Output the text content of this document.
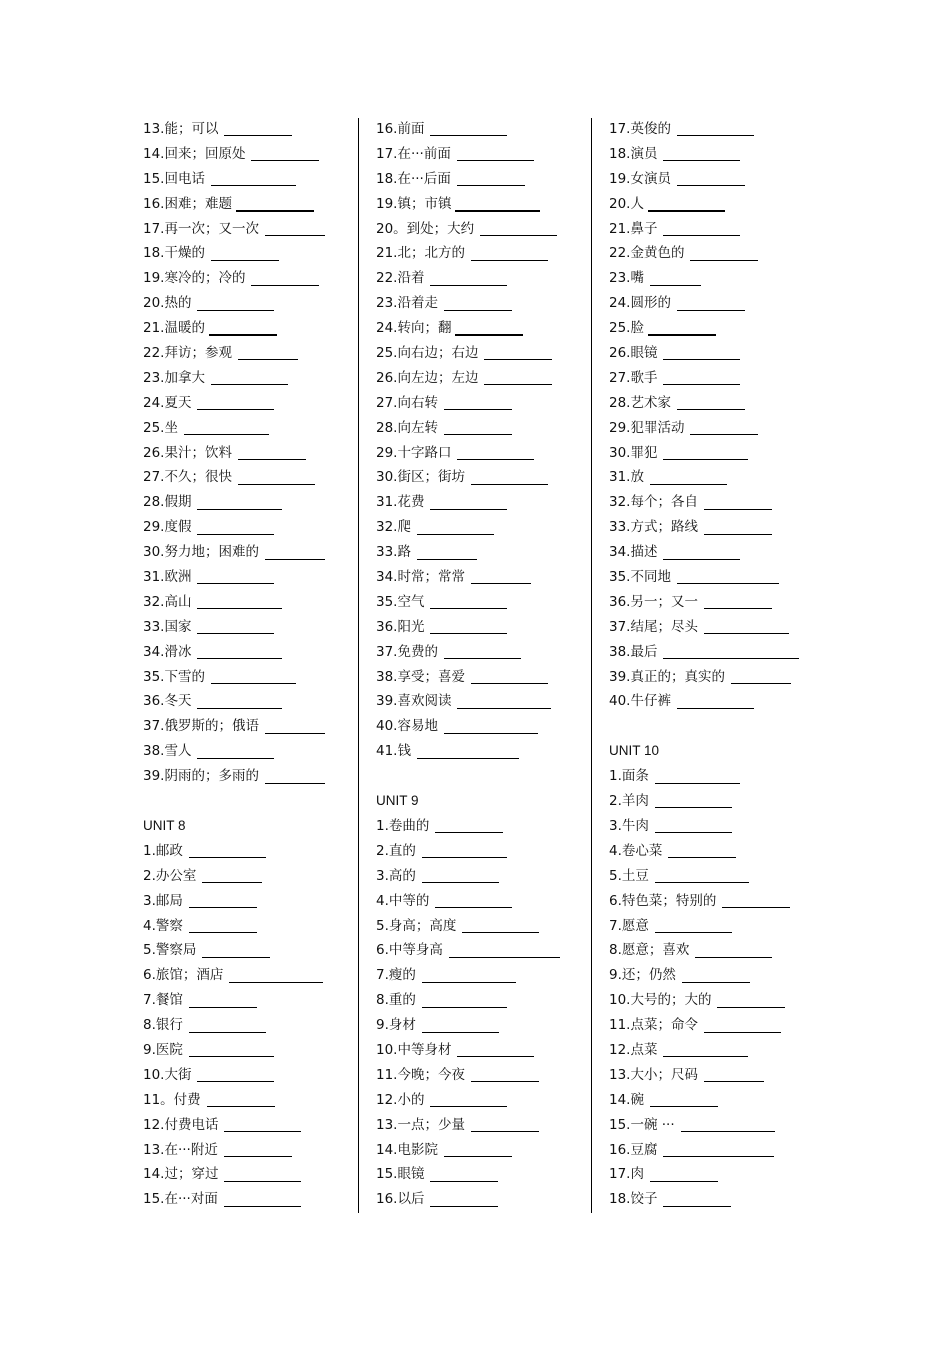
13.能；可以
14.回来；回原处
15.回电话
16.困难；难题
17.再一次；又一次
18.干燥的
19.寒冷的；冷的
20.热的
21.温暖的
22.拜访；参观
23.加拿大
24.夏天
25.坐
26.果汁；饮料
27.不久；很快
28.假期
29.度假
30.努力地；困难的
31.欧洲
32.高山
33.国家
34.滑冰
35.下雪的
36.冬天
37.俄罗斯的；俄语
38.雪人
39.阴雨的；多雨的
UNIT 8
1.邮政
2.办公室
3.邮局
4.警察
5.警察局
6.旅馆；酒店
7.餐馆
8.银行
9.医院
10.大街
11。付费
12.付费电话
13.在···附近
14.过；穿过
15.在···对面
16.前面
17.在···前面
18.在···后面
19.镇；市镇
20。到处；大约
21.北；北方的
22.沿着
23.沿着走
24.转向；翻
25.向右边；右边
26.向左边；左边
27.向右转
28.向左转
29.十字路口
30.街区；街坊
31.花费
32.爬
33.路
34.时常；常常
35.空气
36.阳光
37.免费的
38.享受；喜爱
39.喜欢阅读
40.容易地
41.钱
UNIT 9
1.卷曲的
2.直的
3.高的
4.中等的
5.身高；高度
6.中等身高
7.瘦的
8.重的
9.身材
10.中等身材
11.今晚；今夜
12.小的
13.一点；少量
14.电影院
15.眼镜
16.以后
17.英俊的
18.演员
19.女演员
20.人
21.鼻子
22.金黄色的
23.嘴
24.圆形的
25.脸
26.眼镜
27.歌手
28.艺术家
29.犯罪活动
30.罪犯
31.放
32.每个；各自
33.方式；路线
34.描述
35.不同地
36.另一；又一
37.结尾；尽头
38.最后
39.真正的；真实的
40.牛仔裤
UNIT 10
1.面条
2.羊肉
3.牛肉
4.卷心菜
5.土豆
6.特色菜；特别的
7.愿意
8.愿意；喜欢
9.还；仍然
10.大号的；大的
11.点菜；命令
12.点菜
13.大小；尺码
14.碗
15.一碗 ···
16.豆腐
17.肉
18.饺子
